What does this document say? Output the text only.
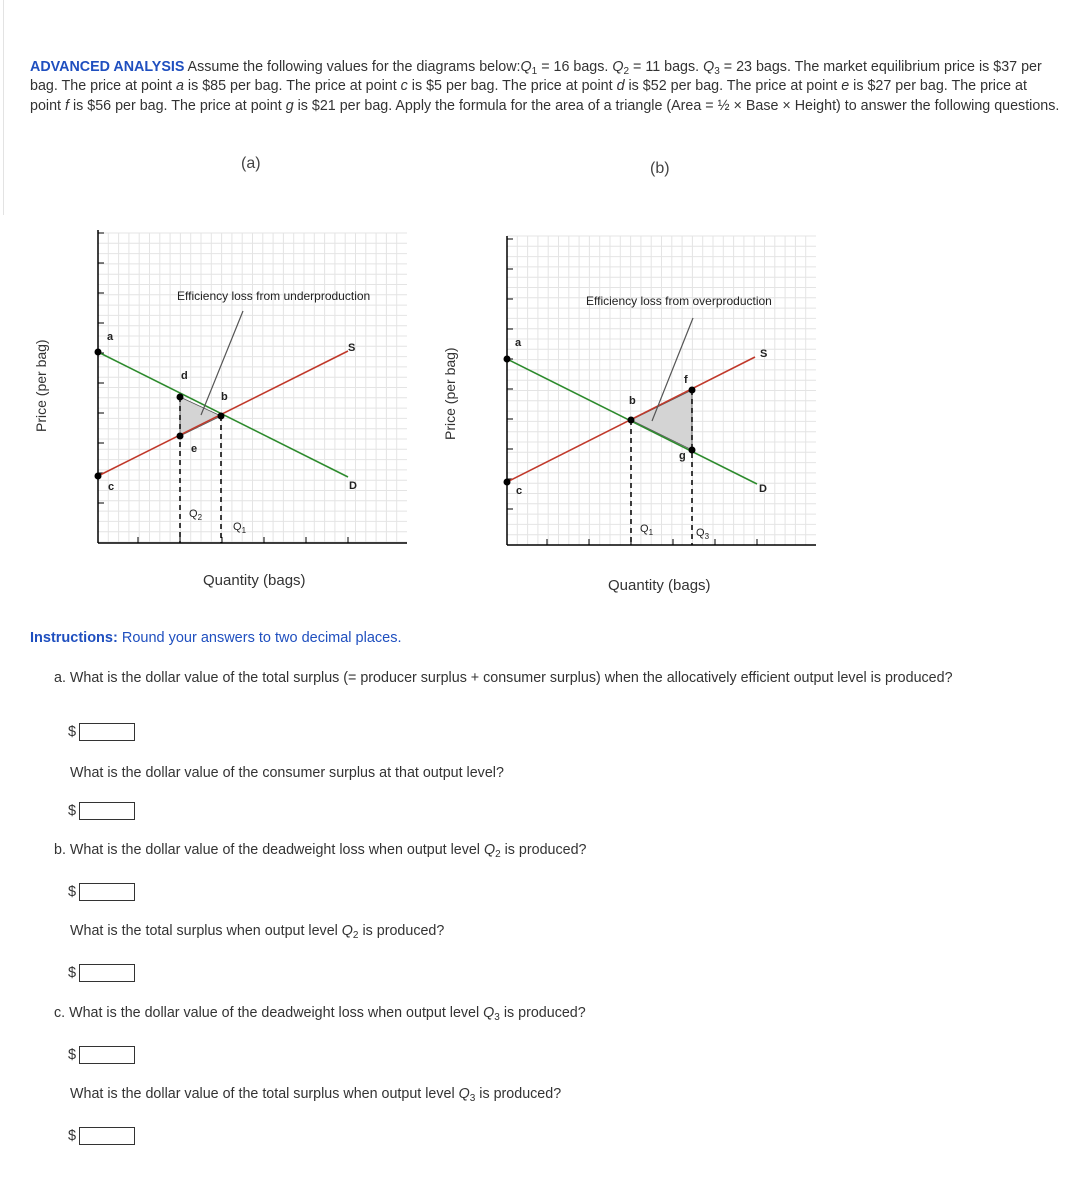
ADVANCED ANALYSIS Assume the following values for the diagrams $below:Q_1 = 16$ bags. $Q_2 = 11$ bags. $Q_3 = 23$ bags. The market equilibrium price is $37 per bag. The price at point a is $85 per bag. The price at point c is $5 per bag. The price at point d is $52 per bag. The price at point e is $27 per bag. The price at point f is $56 per bag. The price at point g is $21 per bag. Apply the formula for the area of a triangle (Area = ½ × Base × Height) to answer the following questions.
(a)
Price (per bag)
Quantity (bags)
Efficiency loss from underproduction
a
c
d
e
b
S
D
$Q_2$
$Q_1$
(b)
Price (per bag)
Quantity (bags)
Efficiency loss from overproduction
a
c
b
f
g
S
D
$Q_1$	$Q_3$
Instructions: Round your answers to two decimal places.
a. What is the dollar value of the total surplus (= producer surplus + consumer surplus) when the allocatively efficient output level is produced?
$
What is the dollar value of the consumer surplus at that output level?
$
b. What is the dollar value of the deadweight loss when output level $Q_2$ is produced?
$
What is the total surplus when output level $Q_2$ is produced?
$
c. What is the dollar value of the deadweight loss when output level $Q_3$ is produced?
$
What is the dollar value of the total surplus when output level $Q_3$ is produced?
$
